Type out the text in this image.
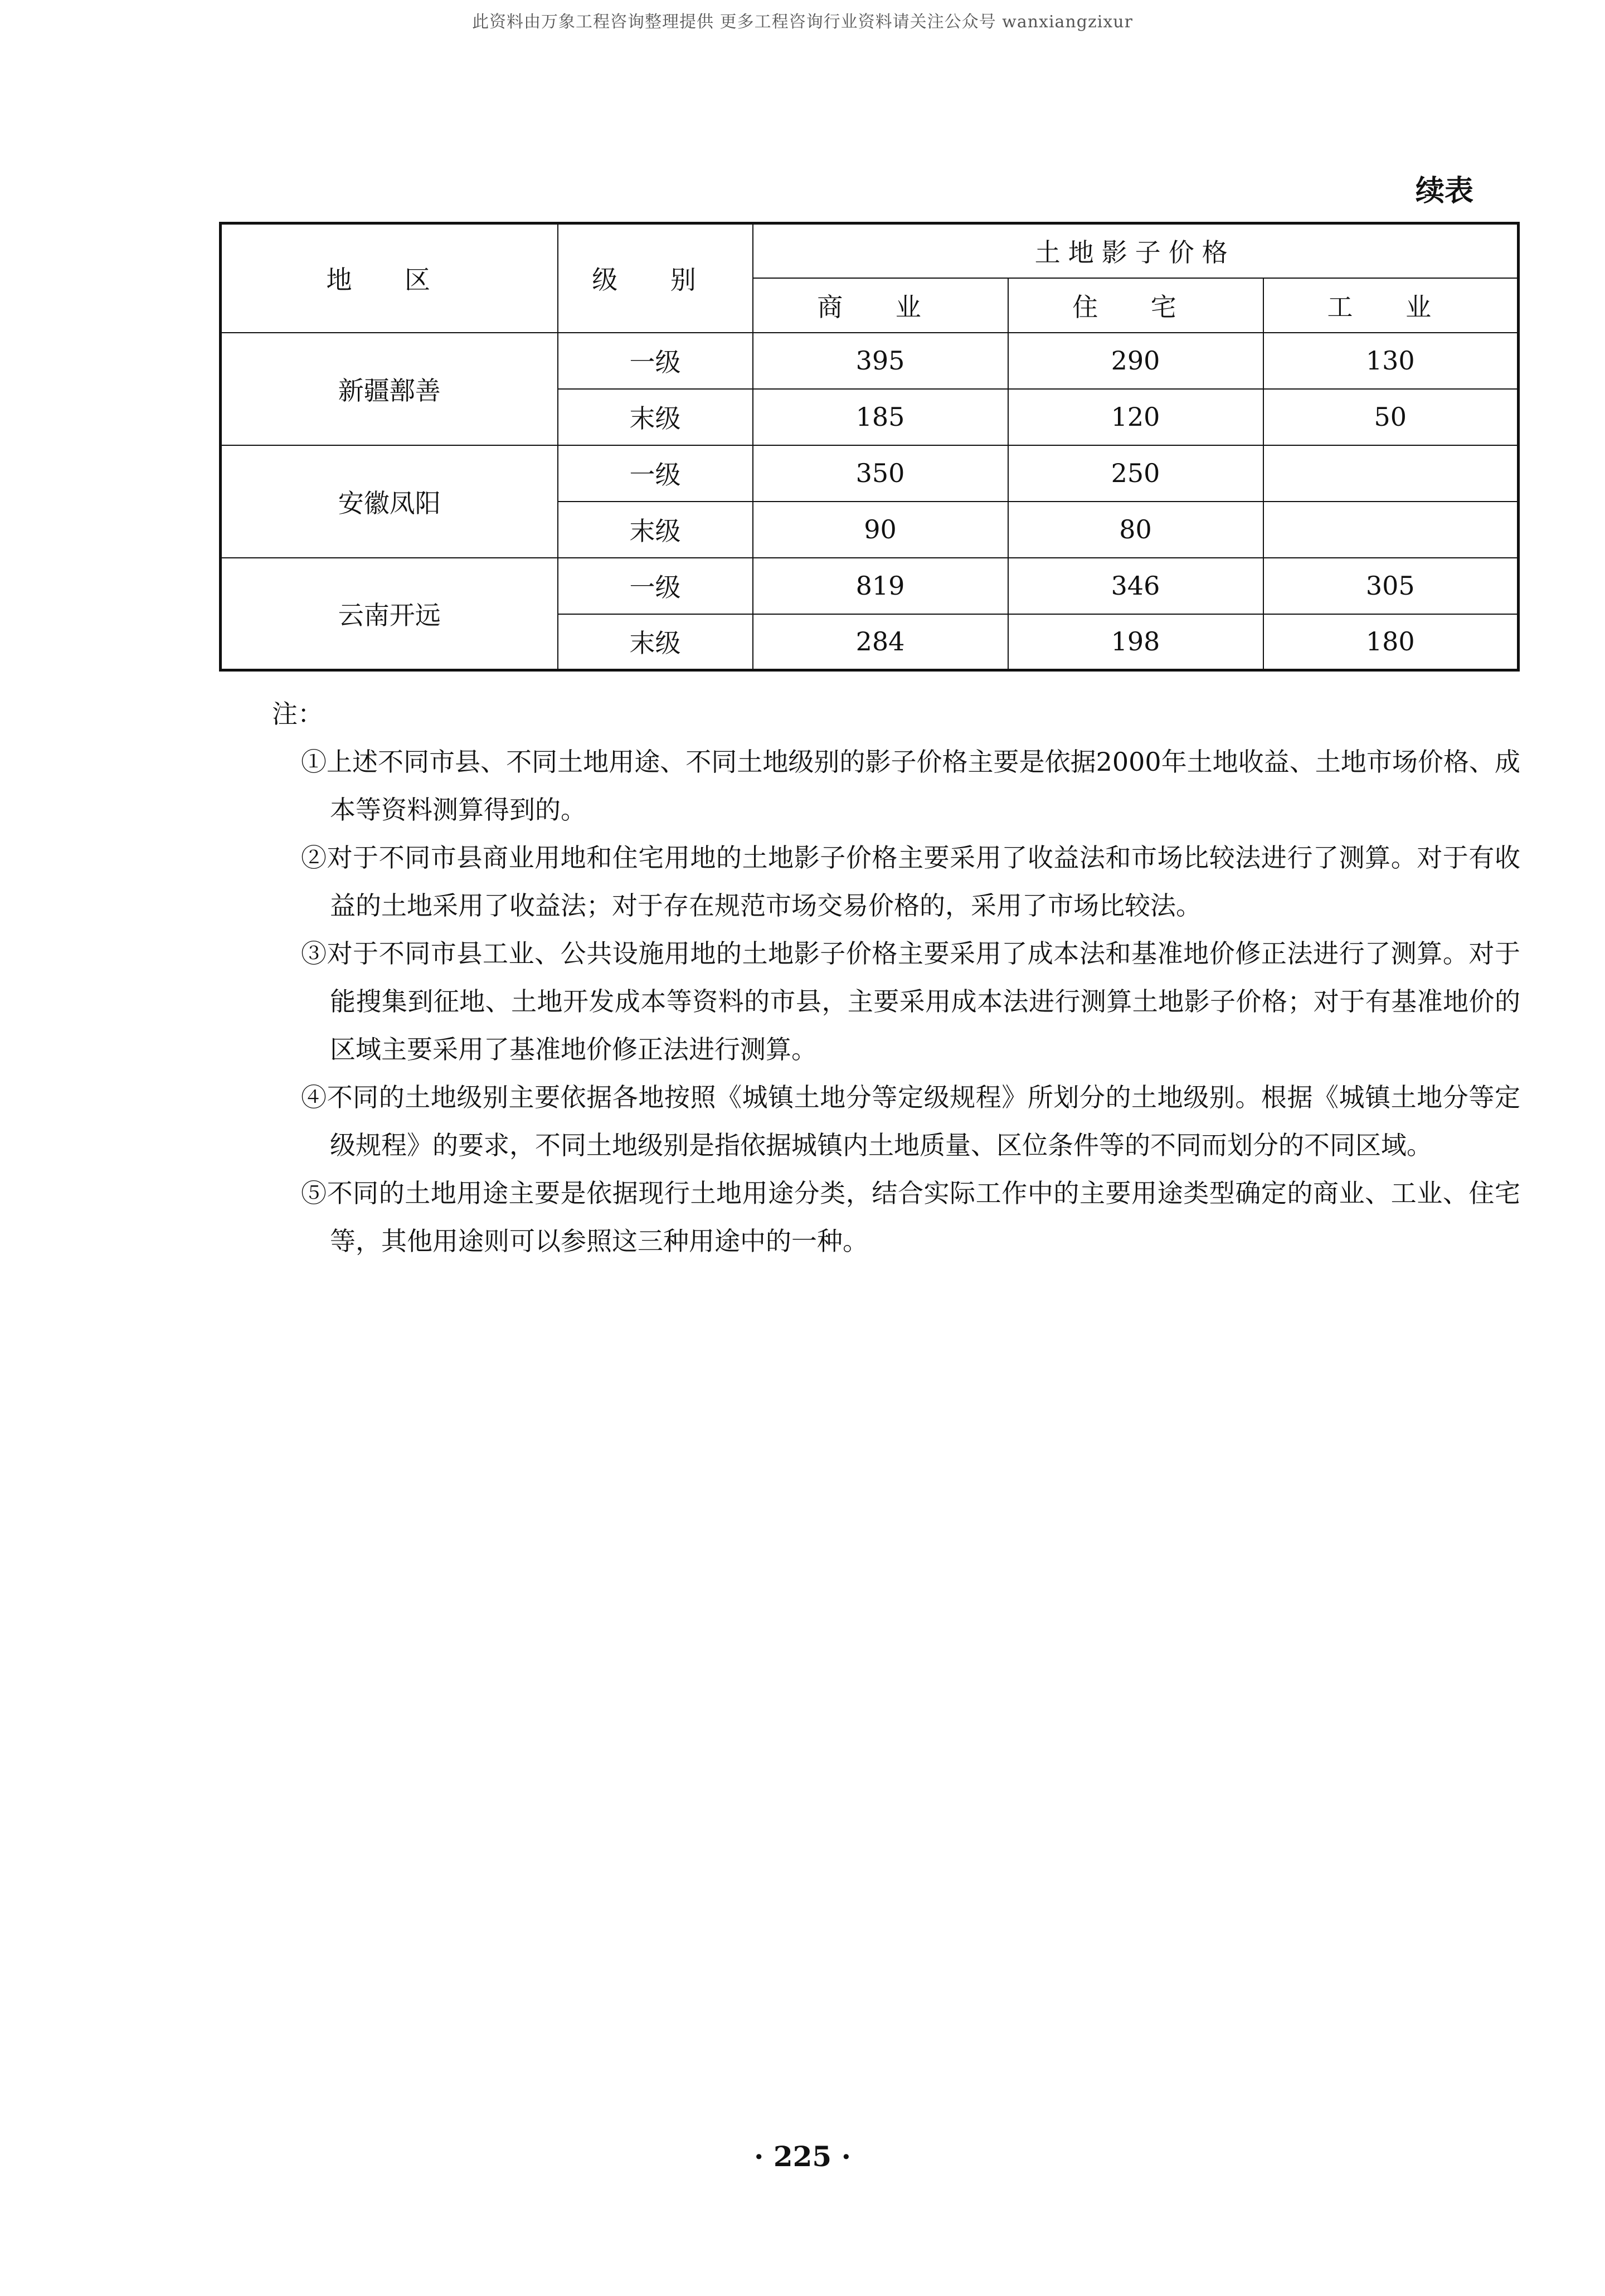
此资料由万象工程咨询整理提供 更多工程咨询行业资料请关注公众号 wanxiangzixur
续表
地 区	级 别	土地影子价格		
		商 业	住 宅	工 业
新疆鄯善	一级	395	290	130
	末级	185	120	50
安徽凤阳	一级	350	250	
	末级	90	80	
云南开远	一级	819	346	305
	末级	284	198	180
注：
①上述不同市县、不同土地用途、不同土地级别的影子价格主要是依据2000年土地收益、土地市场价格、成本等资料测算得到的。
②对于不同市县商业用地和住宅用地的土地影子价格主要采用了收益法和市场比较法进行了测算。对于有收益的土地采用了收益法；对于存在规范市场交易价格的，采用了市场比较法。
③对于不同市县工业、公共设施用地的土地影子价格主要采用了成本法和基准地价修正法进行了测算。对于能搜集到征地、土地开发成本等资料的市县，主要采用成本法进行测算土地影子价格；对于有基准地价的区域主要采用了基准地价修正法进行测算。
④不同的土地级别主要依据各地按照《城镇土地分等定级规程》所划分的土地级别。根据《城镇土地分等定级规程》的要求，不同土地级别是指依据城镇内土地质量、区位条件等的不同而划分的不同区域。
⑤不同的土地用途主要是依据现行土地用途分类，结合实际工作中的主要用途类型确定的商业、工业、住宅等，其他用途则可以参照这三种用途中的一种。
· 225 ·
